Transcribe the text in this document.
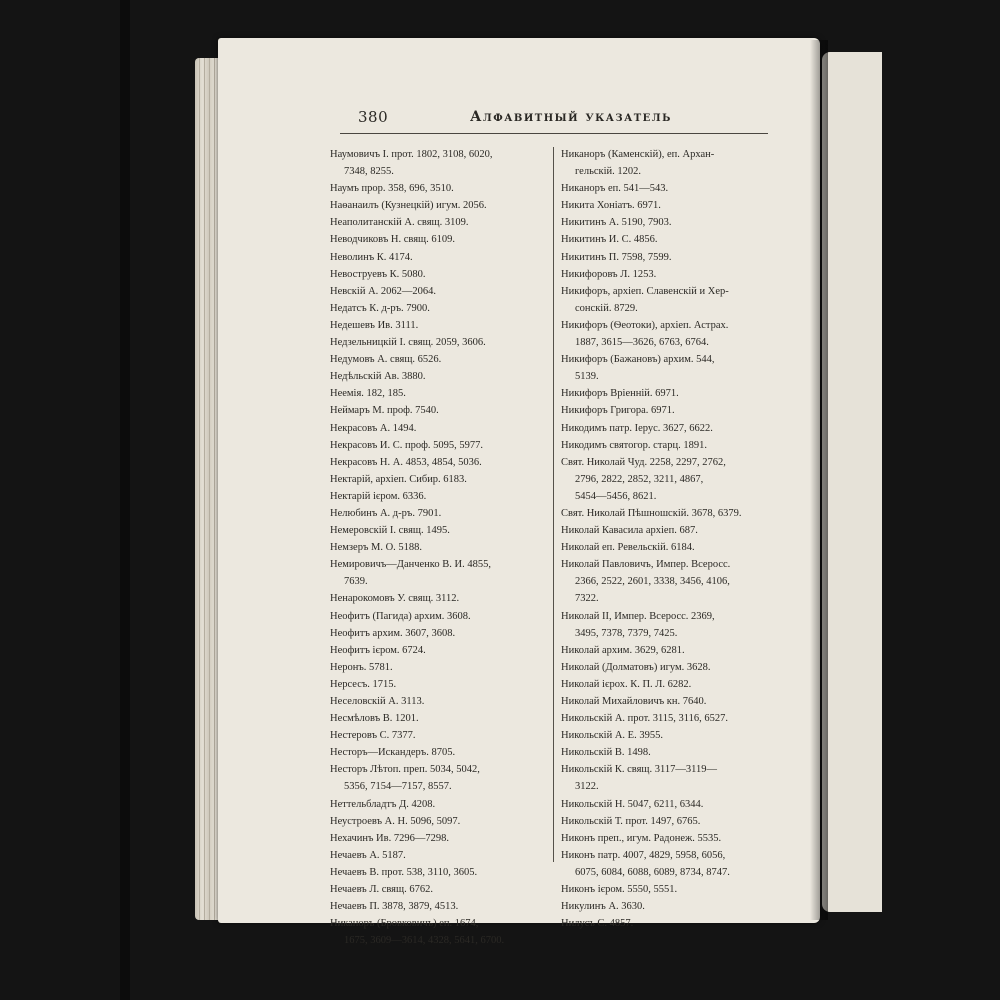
380	Алфавитный указатель
Наумовичъ І. прот. 1802, 3108, 6020,
7348, 8255.
Наумъ прор. 358, 696, 3510.
Наѳанаилъ (Кузнецкій) игум. 2056.
Неаполитанскій А. свящ. 3109.
Неводчиковъ Н. свящ. 6109.
Неволинъ К. 4174.
Невоструевъ К. 5080.
Невскій А. 2062—2064.
Недатсъ К. д-ръ. 7900.
Недешевъ Ив. 3111.
Недзельницкій І. свящ. 2059, 3606.
Недумовъ А. свящ. 6526.
Недѣльскій Ав. 3880.
Неемія. 182, 185.
Неймаръ М. проф. 7540.
Некрасовъ А. 1494.
Некрасовъ И. С. проф. 5095, 5977.
Некрасовъ Н. А. 4853, 4854, 5036.
Нектарій, архіеп. Сибир. 6183.
Нектарій ієром. 6336.
Нелюбинъ А. д-ръ. 7901.
Немеровскій І. свящ. 1495.
Немзеръ М. О. 5188.
Немировичъ—Данченко В. И. 4855,
7639.
Ненарокомовъ У. свящ. 3112.
Неофитъ (Пагида) архим. 3608.
Неофитъ архим. 3607, 3608.
Неофитъ ієром. 6724.
Неронъ. 5781.
Нерсесъ. 1715.
Неселовскій А. 3113.
Несмѣловъ В. 1201.
Нестеровъ С. 7377.
Несторъ—Искандеръ. 8705.
Несторъ Лѣтоп. преп. 5034, 5042,
5356, 7154—7157, 8557.
Неттельбладтъ Д. 4208.
Неустроевъ А. Н. 5096, 5097.
Нехачинъ Ив. 7296—7298.
Нечаевъ А. 5187.
Нечаевъ В. прот. 538, 3110, 3605.
Нечаевъ Л. свящ. 6762.
Нечаевъ П. 3878, 3879, 4513.
Никаноръ (Бровковичъ) еп. 1674,
1675, 3609—3614, 4328, 5641, 6700.
Никаноръ (Каменскій), еп. Архан-
гельскій. 1202.
Никаноръ еп. 541—543.
Никита Хоніатъ. 6971.
Никитинъ А. 5190, 7903.
Никитинъ И. С. 4856.
Никитинъ П. 7598, 7599.
Никифоровъ Л. 1253.
Никифоръ, архіеп. Славенскій и Хер-
сонскій. 8729.
Никифоръ (Ѳеотоки), архіеп. Астрах.
1887, 3615—3626, 6763, 6764.
Никифоръ (Бажановъ) архим. 544,
5139.
Никифоръ Вріенній. 6971.
Никифоръ Григора. 6971.
Никодимъ патр. Іерус. 3627, 6622.
Никодимъ святогор. старц. 1891.
Свят. Николай Чуд. 2258, 2297, 2762,
2796, 2822, 2852, 3211, 4867,
5454—5456, 8621.
Свят. Николай Пѣшношскій. 3678, 6379.
Николай Кавасила архіеп. 687.
Николай еп. Ревельскій. 6184.
Николай Павловичъ, Импер. Всеросс.
2366, 2522, 2601, 3338, 3456, 4106,
7322.
Николай II, Импер. Всеросс. 2369,
3495, 7378, 7379, 7425.
Николай архим. 3629, 6281.
Николай (Долматовъ) игум. 3628.
Николай ієрох. К. П. Л. 6282.
Николай Михайловичъ кн. 7640.
Никольскій А. прот. 3115, 3116, 6527.
Никольскій А. Е. 3955.
Никольскій В. 1498.
Никольскій К. свящ. 3117—3119—
3122.
Никольскій Н. 5047, 6211, 6344.
Никольскій Т. прот. 1497, 6765.
Никонъ преп., игум. Радонеж. 5535.
Никонъ патр. 4007, 4829, 5958, 6056,
6075, 6084, 6088, 6089, 8734, 8747.
Никонъ ієром. 5550, 5551.
Никулинъ А. 3630.
Нилусъ С. 4857.
